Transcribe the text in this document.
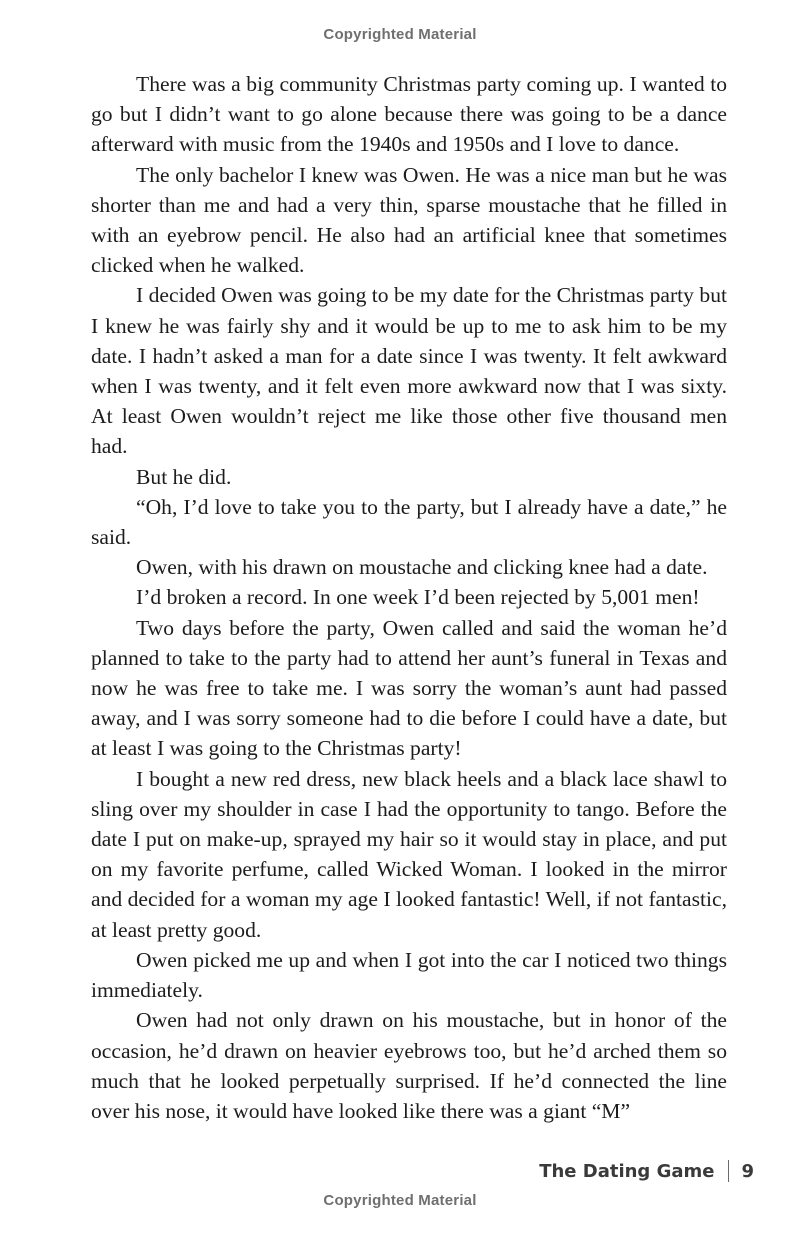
Copyrighted Material

There was a big community Christmas party coming up. I wanted to go but I didn’t want to go alone because there was going to be a dance afterward with music from the 1940s and 1950s and I love to dance.

The only bachelor I knew was Owen. He was a nice man but he was shorter than me and had a very thin, sparse moustache that he filled in with an eyebrow pencil. He also had an artificial knee that sometimes clicked when he walked.

I decided Owen was going to be my date for the Christmas party but I knew he was fairly shy and it would be up to me to ask him to be my date. I hadn’t asked a man for a date since I was twenty. It felt awkward when I was twenty, and it felt even more awkward now that I was sixty. At least Owen wouldn’t reject me like those other five thousand men had.

But he did.

“Oh, I’d love to take you to the party, but I already have a date,” he said.

Owen, with his drawn on moustache and clicking knee had a date.

I’d broken a record. In one week I’d been rejected by 5,001 men!

Two days before the party, Owen called and said the woman he’d planned to take to the party had to attend her aunt’s funeral in Texas and now he was free to take me. I was sorry the woman’s aunt had passed away, and I was sorry someone had to die before I could have a date, but at least I was going to the Christmas party!

I bought a new red dress, new black heels and a black lace shawl to sling over my shoulder in case I had the opportunity to tango. Before the date I put on make-up, sprayed my hair so it would stay in place, and put on my favorite perfume, called Wicked Woman. I looked in the mirror and decided for a woman my age I looked fantastic! Well, if not fantastic, at least pretty good.

Owen picked me up and when I got into the car I noticed two things immediately.

Owen had not only drawn on his moustache, but in honor of the occasion, he’d drawn on heavier eyebrows too, but he’d arched them so much that he looked perpetually surprised. If he’d connected the line over his nose, it would have looked like there was a giant “M”

The Dating Game 9
Copyrighted Material
